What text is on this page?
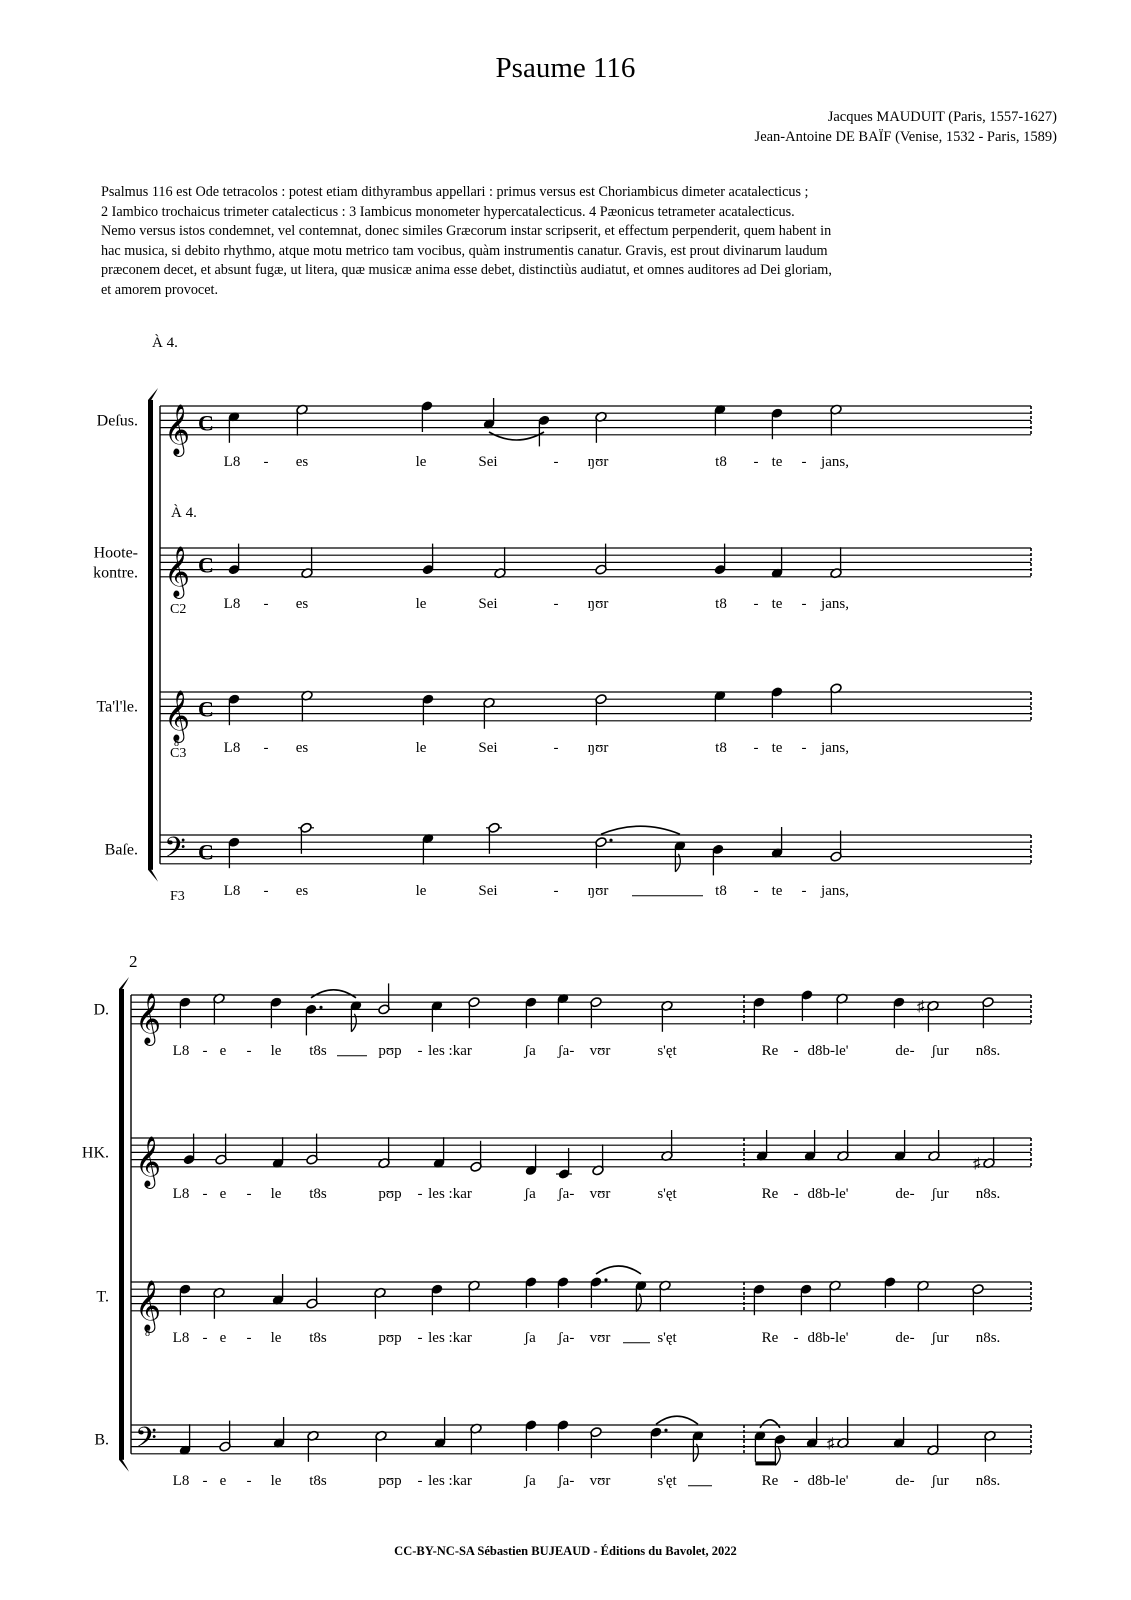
Psaume 116
Jacques MAUDUIT (Paris, 1557-1627)
Jean-Antoine DE BAÏF (Venise, 1532 - Paris, 1589)

Psalmus 116 est Ode tetracolos : potest etiam dithyrambus appellari : primus versus est Choriambicus dimeter acatalecticus ;

2 Iambico trochaicus trimeter catalecticus : 3 Iambicus monometer hypercatalecticus. 4 Pæonicus tetrameter acatalecticus.

Nemo versus istos condemnet, vel contemnat, donec similes Græcorum instar scripserit, et effectum perpenderit, quem habent in

hac musica, si debito rhythmo, atque motu metrico tam vocibus, quàm instrumentis canatur. Gravis, est prout divinarum laudum

præconem decet, et absunt fugæ, ut litera, quæ musicæ anima esse debet, distinctiùs audiatut, et omnes auditores ad Dei gloriam,

et amorem provocet.

À 4.
À 4.
Deſus. 𝄞 C
L8 - es	le	Sei	- ŋʊr	t8 - te - jans,
Hoote-
kontre. 𝄞
C2
C
L8 - es	le	Sei	- ŋʊr	t8 - te - jans,
Ta'l'le. 𝄞
8
C3
C
L8 - es	le	Sei	- ŋʊr	t8 - te - jans,
Baſe. 𝄢
F3
C
L8 - es	le	Sei	- ŋʊr	t8 - te - jans,
2
D. 𝄞	♯
L8 - e - le t8s	pʊp - les :kar	ʃa ʃa- vʊr	s'ęt	Re - d8b-le'	de- ʃur n8s.
HK. 𝄞	♯
L8 - e - le t8s	pʊp - les :kar	ʃa ʃa- vʊr	s'ęt	Re - d8b-le'	de- ʃur n8s.
T. 𝄞
8 L8 - e - le t8s	pʊp - les :kar	ʃa ʃa- vʊr	s'ęt	Re - d8b-le'	de- ʃur n8s.
B. 𝄢	♯
L8 - e - le t8s	pʊp - les :kar	ʃa ʃa- vʊr	s'ęt	Re - d8b-le'	de- ʃur n8s.
CC-BY-NC-SA Sébastien BUJEAUD - Éditions du Bavolet, 2022
